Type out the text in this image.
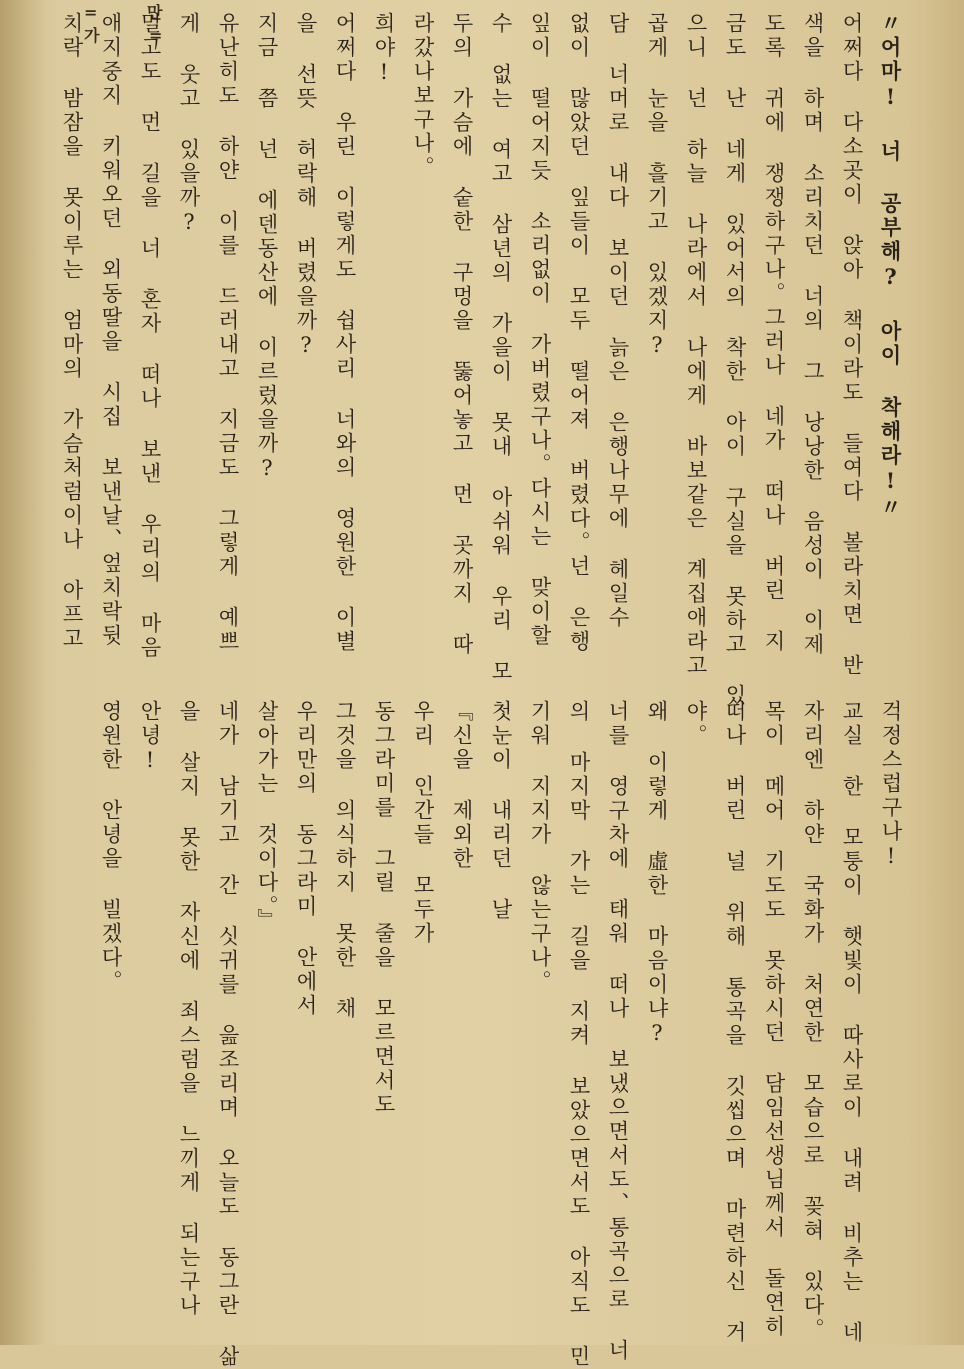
= 만 가 =	〃어마! 너 공부해? 아이 착해라!〃
어쩌다 다소곳이 앉아 책이라도 들여다 볼라치면 반
색을 하며 소리치던 너의 그 낭낭한 음성이 이제
도록 귀에 쟁쟁하구나。그러나 네가 떠나 버린 지
금도 난 네게 있어서의 착한 아이 구실을 못하고 있
으니 넌 하늘 나라에서 나에게 바보같은 계집애라고
곱게 눈을 흘기고 있겠지?
담 너머로 내다 보이던 늙은 은행나무에 헤일수
없이 많았던 잎들이 모두 떨어져 버렸다。넌 은행
잎이 떨어지듯 소리없이 가버렸구나。다시는 맞이할
수 없는 여고 삼년의 가을이 못내 아쉬워 우리 모
두의 가슴에 숱한 구멍을 뚫어놓고 먼 곳까지 따
라갔나보구나。
희야!
어쩌다 우린 이렇게도 쉽사리 너와의 영원한 이별
을 선뜻 허락해 버렸을까?
지금 쯤 넌 에덴동산에 이르렀을까?
유난히도 하얀 이를 드러내고 지금도 그렇게 예쁘
게 웃고 있을까?
멀고도 먼 길을 너 혼자 떠나 보낸 우리의 마음
애지중지 키워오던 외동딸을 시집 보낸날、엎치락뒷
치락 밤잠을 못이루는 엄마의 가슴처럼이나 아프고
걱정스럽구나!
교실 한 모퉁이 햇빛이 따사로이 내려 비추는 네
자리엔 하얀 국화가 처연한 모습으로 꽂혀 있다。
목이 메어 기도도 못하시던 담임선생님께서 돌연히
떠나 버린 널 위해 통곡을 깃씹으며 마련하신 거
야。
왜 이렇게 虛한 마음이냐?
너를 영구차에 태워 떠나 보냈으면서도、통곡으로 너
의 마지막 가는 길을 지켜 보았으면서도 아직도 민
기워 지지가 않는구나。
첫눈이 내리던 날
『신을 제외한
우리 인간들 모두가
동그라미를 그릴 줄을 모르면서도
그것을 의식하지 못한 채
우리만의 동그라미 안에서
살아가는 것이다。』
네가 남기고 간 싯귀를 읊조리며 오늘도 동그란 삶
을 살지 못한 자신에 죄스럼을 느끼게 되는구나
안녕!
영원한 안녕을 빌겠다。
